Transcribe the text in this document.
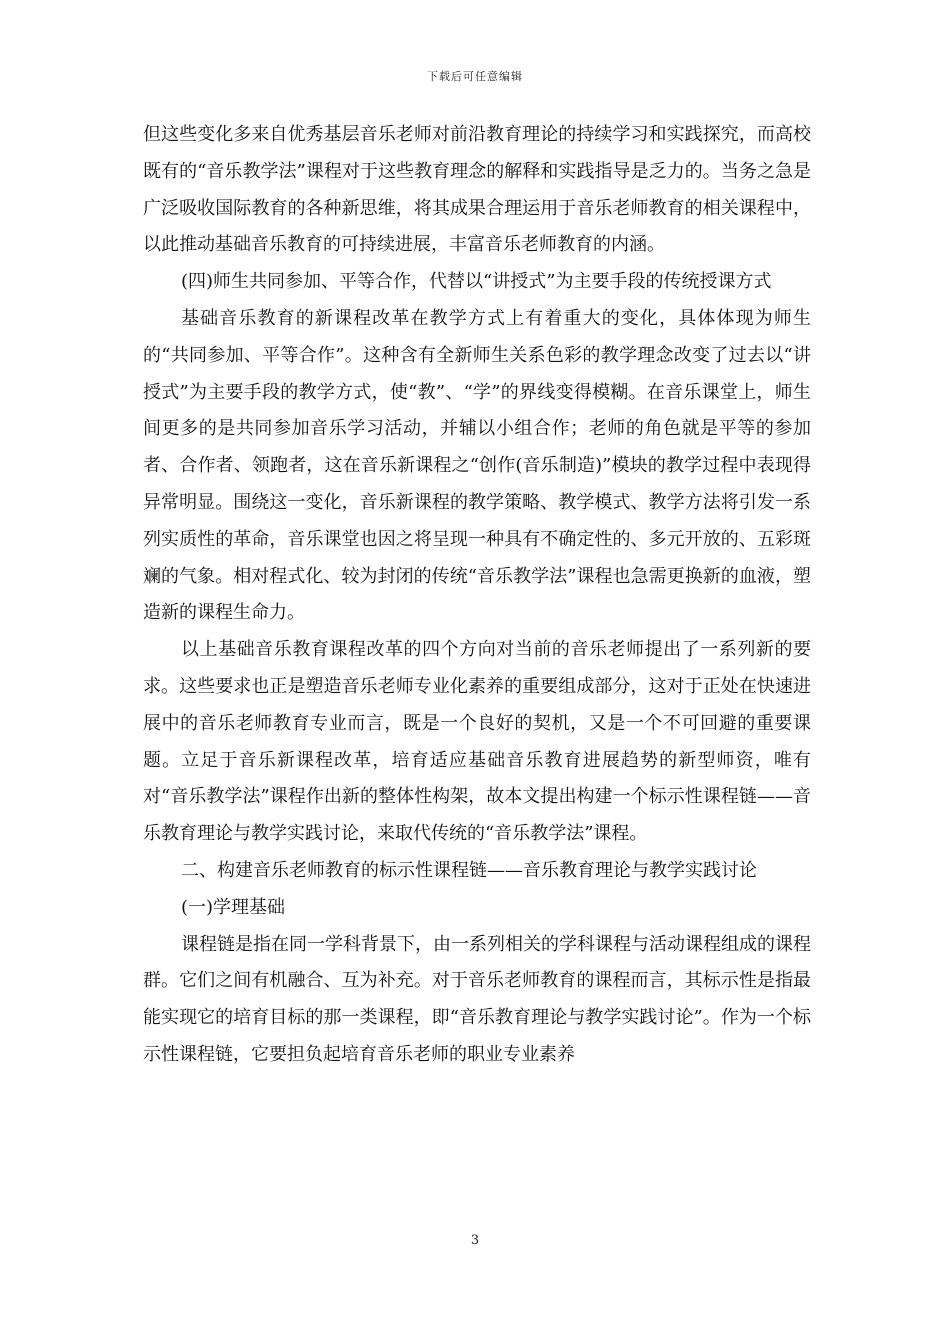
下载后可任意编辑

但这些变化多来自优秀基层音乐老师对前沿教育理论的持续学习和实践探究，而高校既有的“音乐教学法”课程对于这些教育理念的解释和实践指导是乏力的。当务之急是广泛吸收国际教育的各种新思维，将其成果合理运用于音乐老师教育的相关课程中，以此推动基础音乐教育的可持续进展，丰富音乐老师教育的内涵。

(四)师生共同参加、平等合作，代替以“讲授式”为主要手段的传统授课方式

基础音乐教育的新课程改革在教学方式上有着重大的变化，具体体现为师生的“共同参加、平等合作”。这种含有全新师生关系色彩的教学理念改变了过去以“讲授式”为主要手段的教学方式，使“教”、“学”的界线变得模糊。在音乐课堂上，师生间更多的是共同参加音乐学习活动，并辅以小组合作；老师的角色就是平等的参加者、合作者、领跑者，这在音乐新课程之“创作(音乐制造)”模块的教学过程中表现得异常明显。围绕这一变化，音乐新课程的教学策略、教学模式、教学方法将引发一系列实质性的革命，音乐课堂也因之将呈现一种具有不确定性的、多元开放的、五彩斑斓的气象。相对程式化、较为封闭的传统“音乐教学法”课程也急需更换新的血液，塑造新的课程生命力。

以上基础音乐教育课程改革的四个方向对当前的音乐老师提出了一系列新的要求。这些要求也正是塑造音乐老师专业化素养的重要组成部分，这对于正处在快速进展中的音乐老师教育专业而言，既是一个良好的契机，又是一个不可回避的重要课题。立足于音乐新课程改革，培育适应基础音乐教育进展趋势的新型师资，唯有对“音乐教学法”课程作出新的整体性构架，故本文提出构建一个标示性课程链——音乐教育理论与教学实践讨论，来取代传统的“音乐教学法”课程。

二、构建音乐老师教育的标示性课程链——音乐教育理论与教学实践讨论

(一)学理基础

课程链是指在同一学科背景下，由一系列相关的学科课程与活动课程组成的课程群。它们之间有机融合、互为补充。对于音乐老师教育的课程而言，其标示性是指最能实现它的培育目标的那一类课程，即“音乐教育理论与教学实践讨论”。作为一个标示性课程链，它要担负起培育音乐老师的职业专业素养

3
